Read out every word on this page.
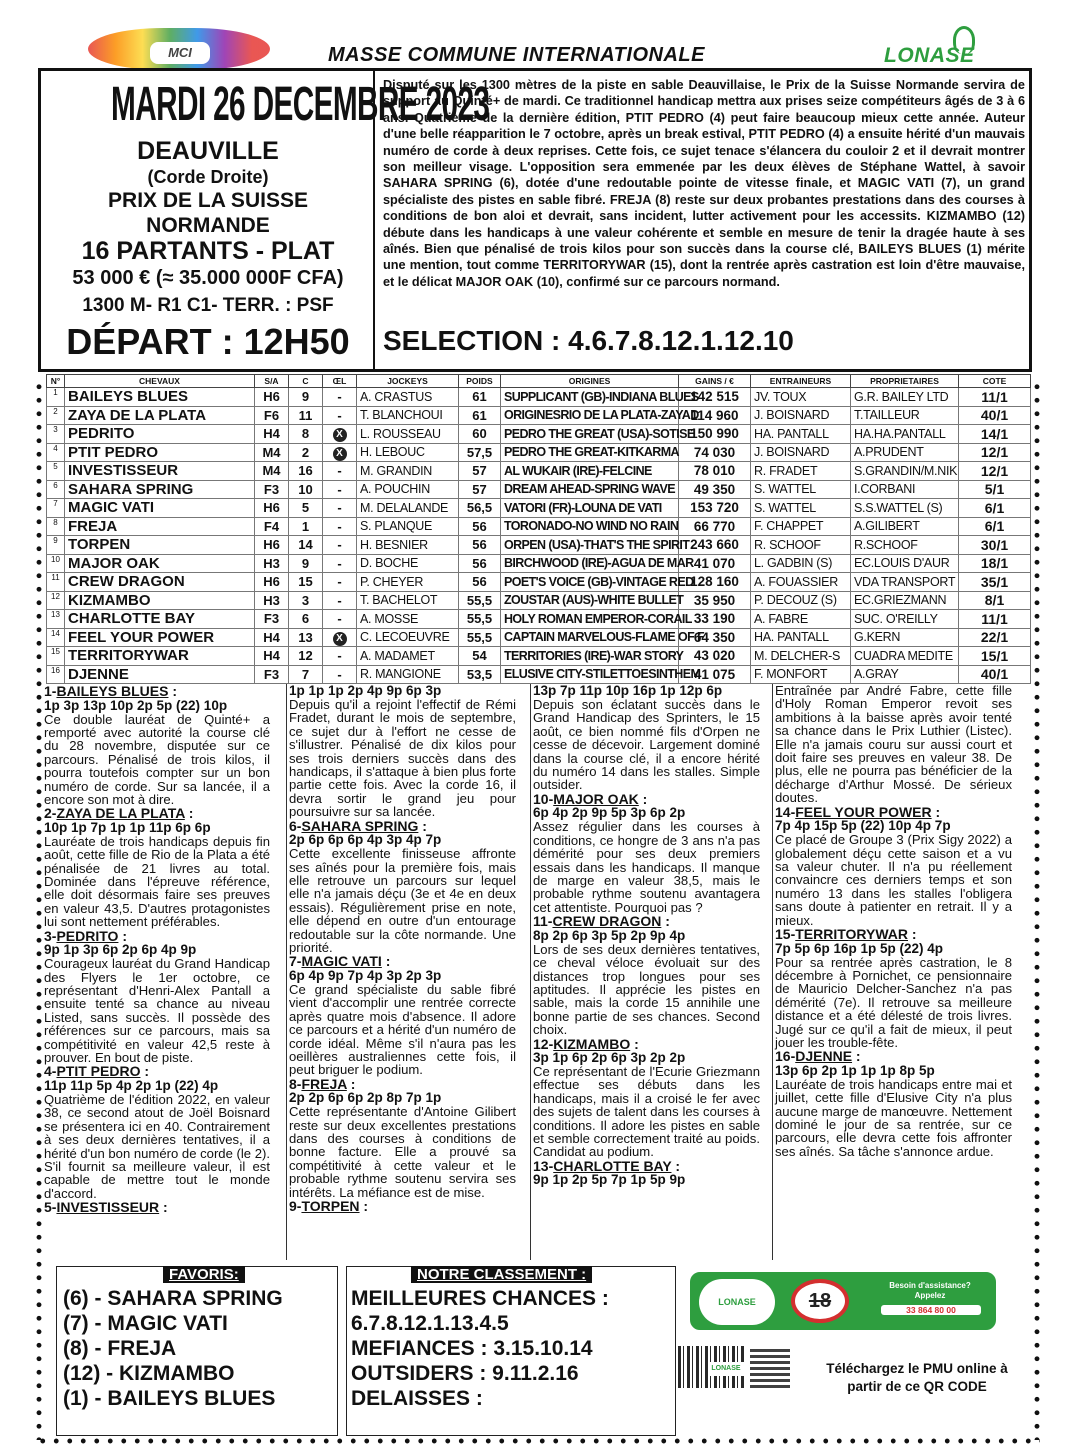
MCI	MASSE COMMUNE INTERNATIONALE	LONASE
MARDI 26 DECEMBRE 2023
DEAUVILLE
(Corde Droite)
PRIX DE LA SUISSE
NORMANDE
16 PARTANTS - PLAT
53 000 € (≈ 35.000 000F CFA)
1300 M- R1 C1- TERR. : PSF
DÉPART : 12H50
Disputé sur les 1300 mètres de la piste en sable Deauvillaise, le Prix de la Suisse Normande servira de support au Quinté+ de mardi. Ce traditionnel handicap mettra aux prises seize compétiteurs âgés de 3 à 6 ans. Quatrième de la dernière édition, PTIT PEDRO (4) peut faire beaucoup mieux cette année. Auteur d'une belle réapparition le 7 octobre, après un break estival, PTIT PEDRO (4) a ensuite hérité d'un mauvais numéro de corde à deux reprises. Cette fois, ce sujet tenace s'élancera du couloir 2 et il devrait montrer son meilleur visage. L'opposition sera emmenée par les deux élèves de Stéphane Wattel, à savoir SAHARA SPRING (6), dotée d'une redoutable pointe de vitesse finale, et MAGIC VATI (7), un grand spécialiste des pistes en sable fibré. FREJA (8) reste sur deux probantes prestations dans des courses à conditions de bon aloi et devrait, sans incident, lutter activement pour les accessits. KIZMAMBO (12) débute dans les handicaps à une valeur cohérente et semble en mesure de tenir la dragée haute à ses aînés. Bien que pénalisé de trois kilos pour son succès dans la course clé, BAILEYS BLUES (1) mérite une mention, tout comme TERRITORYWAR (15), dont la rentrée après castration est loin d'être mauvaise, et le délicat MAJOR OAK (10), confirmé sur ce parcours normand.
SELECTION : 4.6.7.8.12.1.12.10
N°	CHEVAUX	S/A	C	ŒL	JOCKEYS	POIDS	ORIGINES	GAINS / €	ENTRAINEURS	PROPRIETAIRES	COTE
1	BAILEYS BLUES	H6	9	-	A. CRASTUS	61	SUPPLICANT (GB)-INDIANA BLUES	142 515	JV. TOUX	G.R. BAILEY LTD	11/1
2	ZAYA DE LA PLATA	F6	11	-	T. BLANCHOUI	61	ORIGINESRIO DE LA PLATA-ZAYAD	114 960	J. BOISNARD	T.TAILLEUR	40/1
3	PEDRITO	H4	8	X	L. ROUSSEAU	60	PEDRO THE GREAT (USA)-SOTISE	150 990	HA. PANTALL	HA.HA.PANTALL	14/1
4	PTIT PEDRO	M4	2	X	H. LEBOUC	57,5	PEDRO THE GREAT-KITKARMA	74 030	J. BOISNARD	A.PRUDENT	12/1
5	INVESTISSEUR	M4	16	-	M. GRANDIN	57	AL WUKAIR (IRE)-FELCINE	78 010	R. FRADET	S.GRANDIN/M.NIK	12/1
6	SAHARA SPRING	F3	10	-	A. POUCHIN	57	DREAM AHEAD-SPRING WAVE	49 350	S. WATTEL	I.CORBANI	5/1
7	MAGIC VATI	H6	5	-	M. DELALANDE	56,5	VATORI (FR)-LOUNA DE VATI	153 720	S. WATTEL	S.S.WATTEL (S)	6/1
8	FREJA	F4	1	-	S. PLANQUE	56	TORONADO-NO WIND NO RAIN	66 770	F. CHAPPET	A.GILIBERT	6/1
9	TORPEN	H6	14	-	H. BESNIER	56	ORPEN (USA)-THAT'S THE SPIRIT	243 660	R. SCHOOF	R.SCHOOF	30/1
10	MAJOR OAK	H3	9	-	D. BOCHE	56	BIRCHWOOD (IRE)-AGUA DE MAR	41 070	L. GADBIN (S)	EC.LOUIS D'AUR	18/1
11	CREW DRAGON	H6	15	-	P. CHEYER	56	POET'S VOICE (GB)-VINTAGE RED	128 160	A. FOUASSIER	VDA TRANSPORT	35/1
12	KIZMAMBO	H3	3	-	T. BACHELOT	55,5	ZOUSTAR (AUS)-WHITE BULLET	35 950	P. DECOUZ (S)	EC.GRIEZMANN	8/1
13	CHARLOTTE BAY	F3	6	-	A. MOSSE	55,5	HOLY ROMAN EMPEROR-CORAIL	33 190	A. FABRE	SUC. O'REILLY	11/1
14	FEEL YOUR POWER	H4	13	X	C. LECOEUVRE	55,5	CAPTAIN MARVELOUS-FLAME OF F	64 350	HA. PANTALL	G.KERN	22/1
15	TERRITORYWAR	H4	12	-	A. MADAMET	54	TERRITORIES (IRE)-WAR STORY	43 020	M. DELCHER-S	CUADRA MEDITE	15/1
16	DJENNE	F3	7	-	R. MANGIONE	53,5	ELUSIVE CITY-STILETTOESINTHEM	41 075	F. MONFORT	A.GRAY	40/1
1-BAILEYS BLUES :
1p 3p 13p 10p 2p 5p (22) 10p
Ce double lauréat de Quinté+ a remporté avec autorité la course clé du 28 novembre, disputée sur ce parcours. Pénalisé de trois kilos, il pourra toutefois compter sur un bon numéro de corde. Sur sa lancée, il a encore son mot à dire.
2-ZAYA DE LA PLATA :
10p 1p 7p 1p 1p 11p 6p 6p
Lauréate de trois handicaps depuis fin août, cette fille de Rio de la Plata a été pénalisée de 21 livres au total. Dominée dans l'épreuve référence, elle doit désormais faire ses preuves en valeur 43,5. D'autres protagonistes lui sont nettement préférables.
3-PEDRITO :
9p 1p 3p 6p 2p 6p 4p 9p
Courageux lauréat du Grand Handicap des Flyers le 1er octobre, ce représentant d'Henri-Alex Pantall a ensuite tenté sa chance au niveau Listed, sans succès. Il possède des références sur ce parcours, mais sa compétitivité en valeur 42,5 reste à prouver. En bout de piste.
4-PTIT PEDRO :
11p 11p 5p 4p 2p 1p (22) 4p
Quatrième de l'édition 2022, en valeur 38, ce second atout de Joël Boisnard se présentera ici en 40. Contrairement à ses deux dernières tentatives, il a hérité d'un bon numéro de corde (le 2). S'il fournit sa meilleure valeur, il est capable de mettre tout le monde d'accord.
5-INVESTISSEUR :
1p 1p 1p 2p 4p 9p 6p 3p
Depuis qu'il a rejoint l'effectif de Rémi Fradet, durant le mois de septembre, ce sujet dur à l'effort ne cesse de s'illustrer. Pénalisé de dix kilos pour ses trois derniers succès dans des handicaps, il s'attaque à bien plus forte partie cette fois. Avec la corde 16, il devra sortir le grand jeu pour poursuivre sur sa lancée.
6-SAHARA SPRING :
2p 6p 6p 6p 4p 3p 4p 7p
Cette excellente finisseuse affronte ses aînés pour la première fois, mais elle retrouve un parcours sur lequel elle n'a jamais déçu (3e et 4e en deux essais). Régulièrement prise en note, elle dépend en outre d'un entourage redoutable sur la côte normande. Une priorité.
7-MAGIC VATI :
6p 4p 9p 7p 4p 3p 2p 3p
Ce grand spécialiste du sable fibré vient d'accomplir une rentrée correcte après quatre mois d'absence. Il adore ce parcours et a hérité d'un numéro de corde idéal. Même s'il n'aura pas les oeillères australiennes cette fois, il peut briguer le podium.
8-FREJA :
2p 2p 6p 6p 2p 8p 7p 1p
Cette représentante d'Antoine Gilibert reste sur deux excellentes prestations dans des courses à conditions de bonne facture. Elle a prouvé sa compétitivité à cette valeur et le probable rythme soutenu servira ses intérêts. La méfiance est de mise.
9-TORPEN :
13p 7p 11p 10p 16p 1p 12p 6p
Depuis son éclatant succès dans le Grand Handicap des Sprinters, le 15 août, ce bien nommé fils d'Orpen ne cesse de décevoir. Largement dominé dans la course clé, il a encore hérité du numéro 14 dans les stalles. Simple outsider.
10-MAJOR OAK :
6p 4p 2p 9p 5p 3p 6p 2p
Assez régulier dans les courses à conditions, ce hongre de 3 ans n'a pas démérité pour ses deux premiers essais dans les handicaps. Il manque de marge en valeur 38,5, mais le probable rythme soutenu avantagera cet attentiste. Pourquoi pas ?
11-CREW DRAGON :
8p 2p 6p 3p 5p 2p 9p 4p
Lors de ses deux dernières tentatives, ce cheval véloce évoluait sur des distances trop longues pour ses aptitudes. Il apprécie les pistes en sable, mais la corde 15 annihile une bonne partie de ses chances. Second choix.
12-KIZMAMBO :
3p 1p 6p 2p 6p 3p 2p 2p
Ce représentant de l'Ecurie Griezmann effectue ses débuts dans les handicaps, mais il a croisé le fer avec des sujets de talent dans les courses à conditions. Il adore les pistes en sable et semble correctement traité au poids. Candidat au podium.
13-CHARLOTTE BAY :
9p 1p 2p 5p 7p 1p 5p 9p
Entraînée par André Fabre, cette fille d'Holy Roman Emperor revoit ses ambitions à la baisse après avoir tenté sa chance dans le Prix Luthier (Listec). Elle n'a jamais couru sur aussi court et doit faire ses preuves en valeur 38. De plus, elle ne pourra pas bénéficier de la décharge d'Arthur Mossé. De sérieux doutes.
14-FEEL YOUR POWER :
7p 4p 15p 5p (22) 10p 4p 7p
Ce placé de Groupe 3 (Prix Sigy 2022) a globalement déçu cette saison et a vu sa valeur chuter. Il n'a pu réellement convaincre ces derniers temps et son numéro 13 dans les stalles l'obligera sans doute à patienter en retrait. Il y a mieux.
15-TERRITORYWAR :
7p 5p 6p 16p 1p 5p (22) 4p
Pour sa rentrée après castration, le 8 décembre à Pornichet, ce pensionnaire de Mauricio Delcher-Sanchez n'a pas démérité (7e). Il retrouve sa meilleure distance et a été délesté de trois livres. Jugé sur ce qu'il a fait de mieux, il peut jouer les trouble-fête.
16-DJENNE :
13p 6p 2p 1p 1p 1p 8p 5p
Lauréate de trois handicaps entre mai et juillet, cette fille d'Elusive City n'a plus aucune marge de manœuvre. Nettement dominé le jour de sa rentrée, sur ce parcours, elle devra cette fois affronter ses aînés. Sa tâche s'annonce ardue.
FAVORIS:
(6) - SAHARA SPRING
(7) - MAGIC VATI
(8) - FREJA
(12) - KIZMAMBO
(1) - BAILEYS BLUES
NOTRE CLASSEMENT :
MEILLEURES CHANCES :
6.7.8.12.1.13.4.5
MEFIANCES : 3.15.10.14
OUTSIDERS : 9.11.2.16
DELAISSES :
LONASE	18
Besoin d'assistance?
Appelez
33 864 80 00
LONASE	Téléchargez le PMU online à
partir de ce QR CODE
